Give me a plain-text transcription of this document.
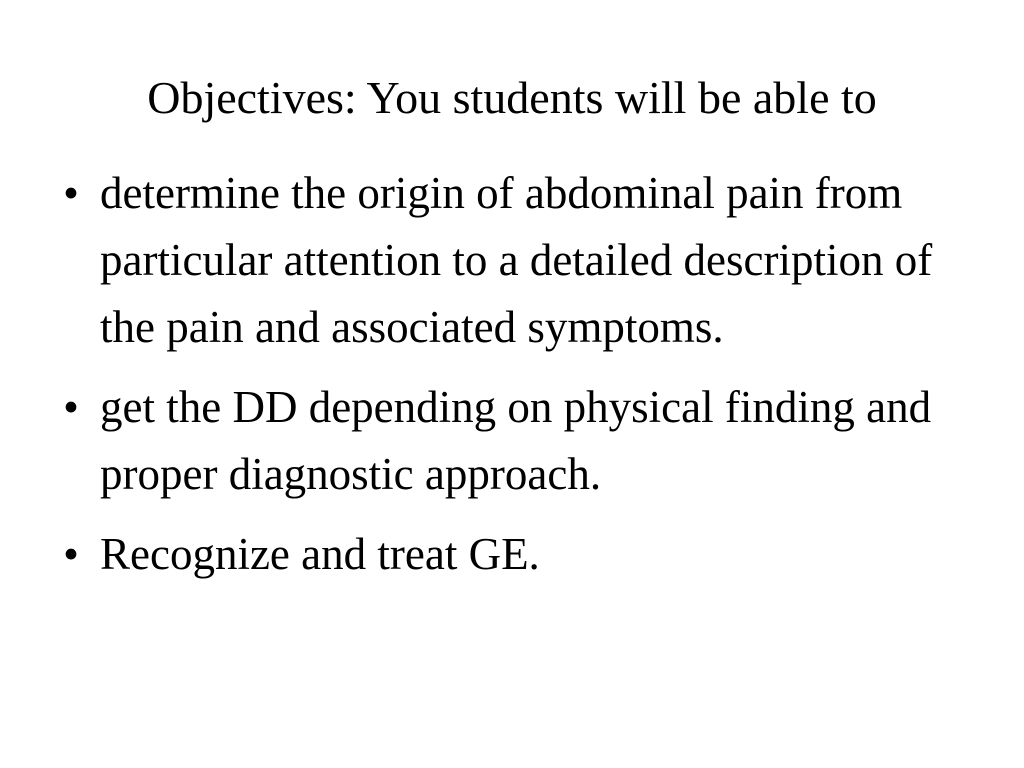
Objectives: You students will be able to
• determine the origin of abdominal pain from particular attention to a detailed description of the pain and associated symptoms.
• get the DD depending on physical finding and proper diagnostic approach.
• Recognize and treat GE.
